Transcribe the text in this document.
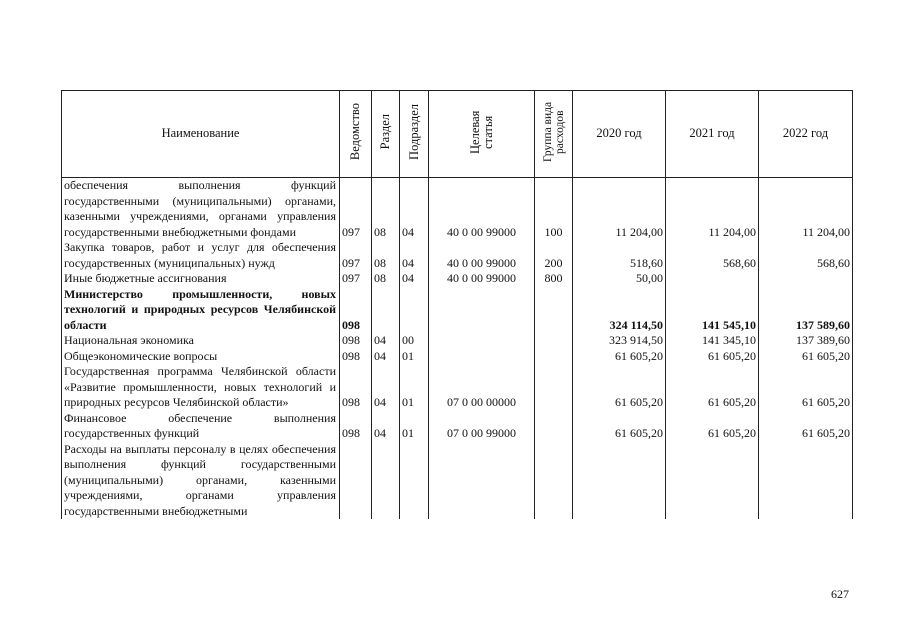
Наименование	Ведомство	Раздел	Подраздел	Целевая статья	Группа вида расходов	2020 год	2021 год	2022 год
обеспечения выполнения функций государственными (муниципальными) органами, казенными учреждениями, органами управления государственными внебюджетными фондами	097	08	04	40 0 00 99000	100	11 204,00	11 204,00	11 204,00
Закупка товаров, работ и услуг для обеспечения государственных (муниципальных) нужд	097	08	04	40 0 00 99000	200	518,60	568,60	568,60
Иные бюджетные ассигнования	097	08	04	40 0 00 99000	800	50,00		
Министерство промышленности, новых технологий и природных ресурсов Челябинской области	098					324 114,50	141 545,10	137 589,60
Национальная экономика	098	04	00			323 914,50	141 345,10	137 389,60
Общеэкономические вопросы	098	04	01			61 605,20	61 605,20	61 605,20
Государственная программа Челябинской области «Развитие промышленности, новых технологий и природных ресурсов Челябинской области»	098	04	01	07 0 00 00000		61 605,20	61 605,20	61 605,20
Финансовое обеспечение выполнения государственных функций	098	04	01	07 0 00 99000		61 605,20	61 605,20	61 605,20
Расходы на выплаты персоналу в целях обеспечения выполнения функций государственными (муниципальными) органами, казенными учреждениями, органами управления государственными внебюджетными								
627
